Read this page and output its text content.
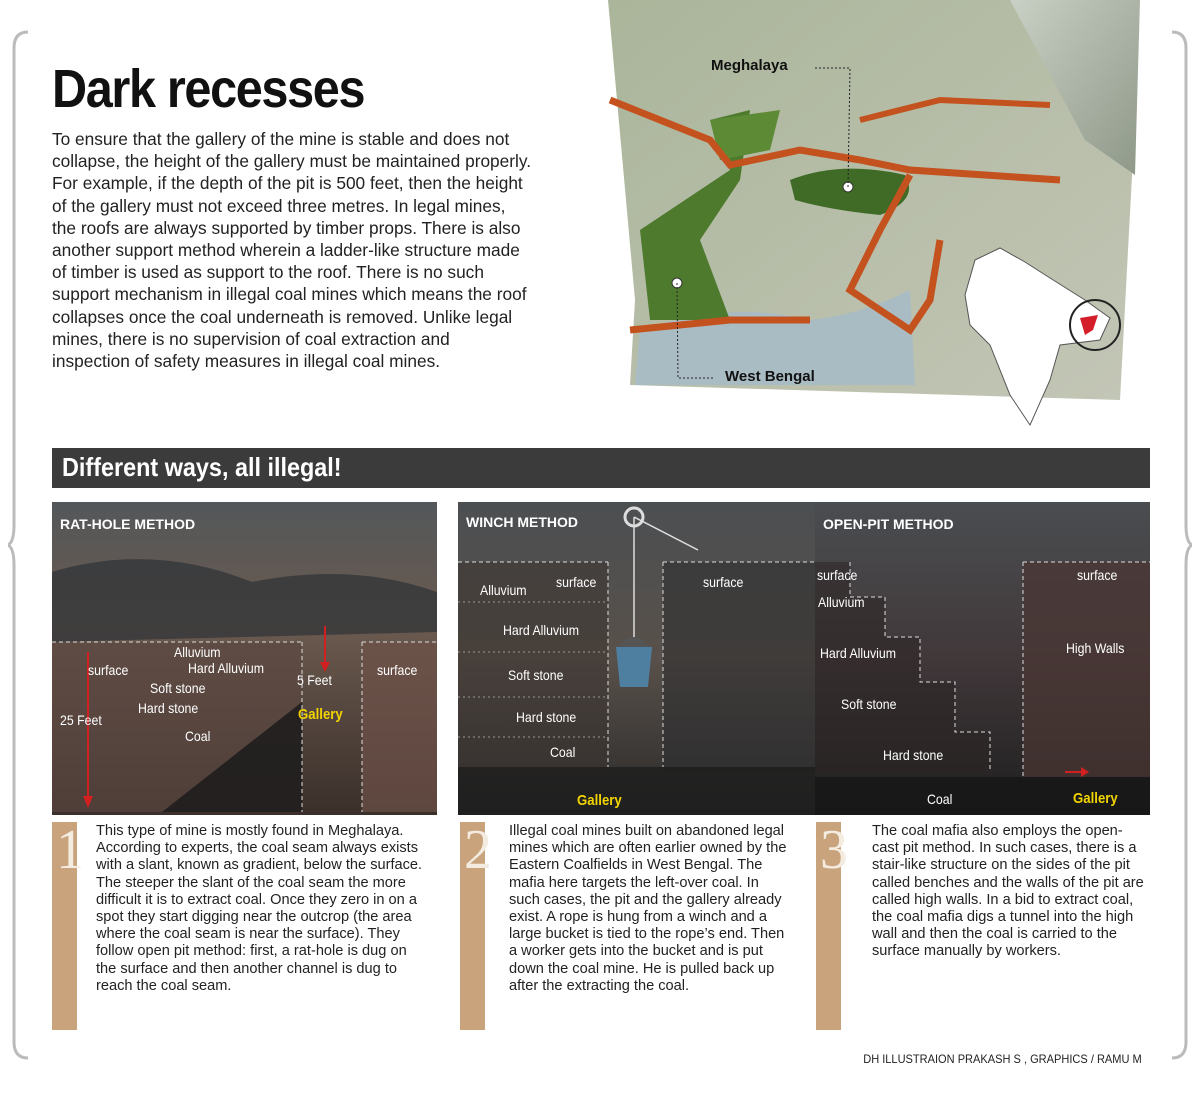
Dark recesses

To ensure that the gallery of the mine is stable and does not collapse, the height of the gallery must be maintained properly. For example, if the depth of the pit is 500 feet, then the height of the gallery must not exceed three metres. In legal mines, the roofs are always supported by timber props. There is also another support method wherein a ladder-like structure made of timber is used as support to the roof. There is no such support mechanism in illegal coal mines which means the roof collapses once the coal underneath is removed. Unlike legal mines, there is no supervision of coal extraction and inspection of safety measures in illegal coal mines.

Meghalaya
West Bengal
Different ways, all illegal!
RAT-HOLE METHOD
surface
Alluvium
Hard Alluvium
Soft stone
Hard stone
Coal
25 Feet
5 Feet
Gallery
surface
1 This type of mine is mostly found in Meghalaya. According to experts, the coal seam always exists with a slant, known as gradient, below the surface. The steeper the slant of the coal seam the more difficult it is to extract coal. Once they zero in on a spot they start digging near the outcrop (the area where the coal seam is near the surface). They follow open pit method: first, a rat-hole is dug on the surface and then another channel is dug to reach the coal seam.
WINCH METHOD
Alluvium surface	surface
Hard Alluvium
Soft stone
Hard stone
Coal
Gallery
2 Illegal coal mines built on abandoned legal mines which are often earlier owned by the Eastern Coalfields in West Bengal. The mafia here targets the left-over coal. In such cases, the pit and the gallery already exist. A rope is hung from a winch and a large bucket is tied to the rope’s end. Then a worker gets into the bucket and is put down the coal mine. He is pulled back up after the extracting the coal.
OPEN-PIT METHOD
surface
Alluvium
surface
Hard Alluvium	High Walls
Soft stone
Hard stone
Coal	Gallery
3 The coal mafia also employs the open-cast pit method. In such cases, there is a stair-like structure on the sides of the pit called benches and the walls of the pit are called high walls. In a bid to extract coal, the coal mafia digs a tunnel into the high wall and then the coal is carried to the surface manually by workers.
DH ILLUSTRAION PRAKASH S , GRAPHICS / RAMU M
